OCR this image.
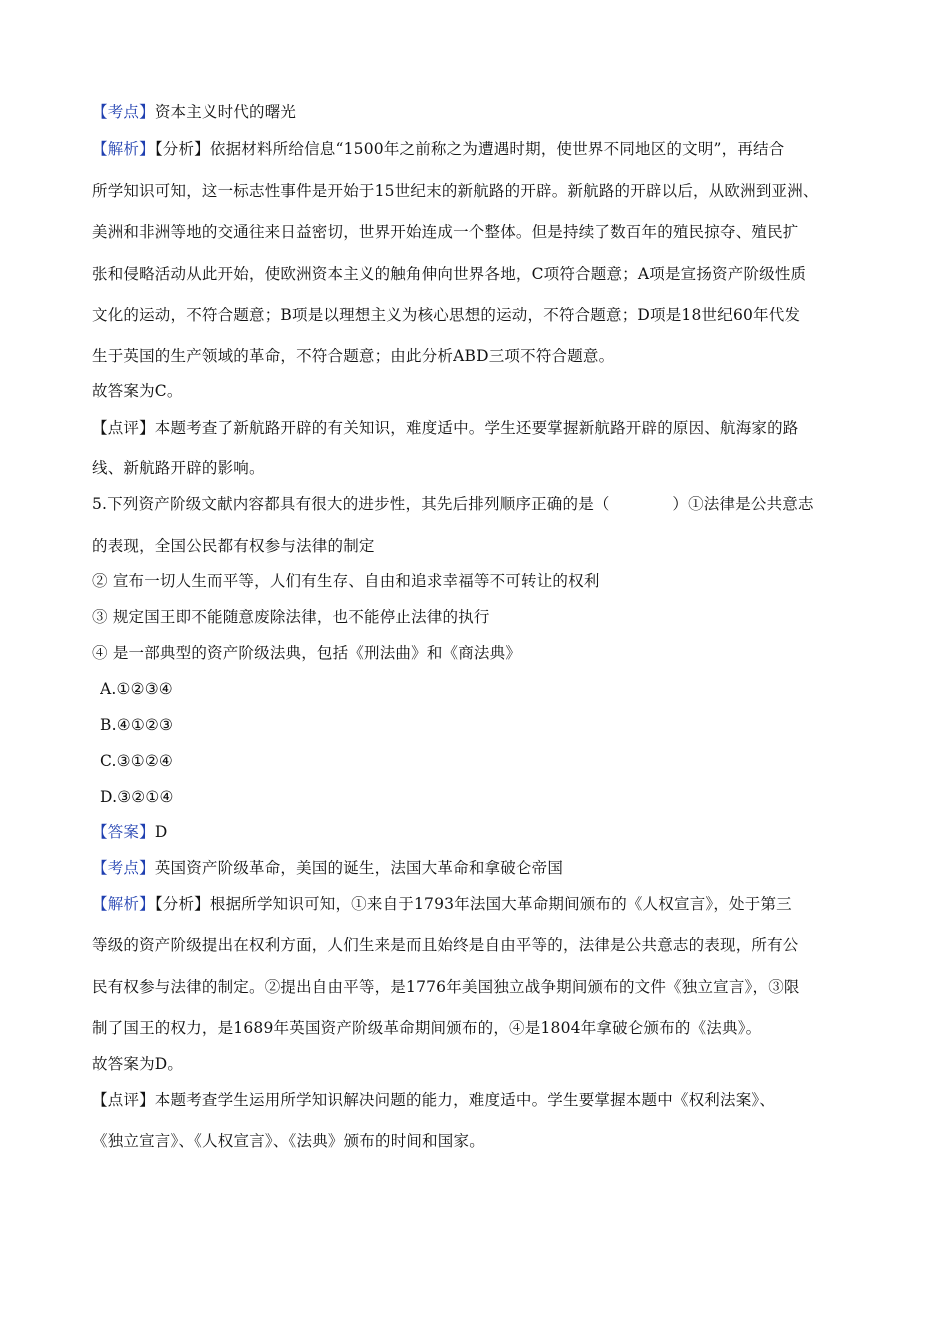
【考点】资本主义时代的曙光
【解析】【分析】依据材料所给信息“1500年之前称之为遭遇时期，使世界不同地区的文明”，再结合
所学知识可知，这一标志性事件是开始于15世纪末的新航路的开辟。新航路的开辟以后，从欧洲到亚洲、
美洲和非洲等地的交通往来日益密切，世界开始连成一个整体。但是持续了数百年的殖民掠夺、殖民扩
张和侵略活动从此开始，使欧洲资本主义的触角伸向世界各地，C项符合题意；A项是宣扬资产阶级性质
文化的运动，不符合题意；B项是以理想主义为核心思想的运动，不符合题意；D项是18世纪60年代发
生于英国的生产领域的革命，不符合题意；由此分析ABD三项不符合题意。
故答案为C。
【点评】本题考查了新航路开辟的有关知识，难度适中。学生还要掌握新航路开辟的原因、航海家的路
线、新航路开辟的影响。
5.下列资产阶级文献内容都具有很大的进步性，其先后排列顺序正确的是（　　　　）①法律是公共意志
的表现，全国公民都有权参与法律的制定
② 宣布一切人生而平等，人们有生存、自由和追求幸福等不可转让的权利
③ 规定国王即不能随意废除法律，也不能停止法律的执行
④ 是一部典型的资产阶级法典，包括《刑法曲》和《商法典》
A.①②③④
B.④①②③
C.③①②④
D.③②①④
【答案】D
【考点】英国资产阶级革命，美国的诞生，法国大革命和拿破仑帝国
【解析】【分析】根据所学知识可知，①来自于1793年法国大革命期间颁布的《人权宣言》，处于第三
等级的资产阶级提出在权利方面，人们生来是而且始终是自由平等的，法律是公共意志的表现，所有公
民有权参与法律的制定。②提出自由平等，是1776年美国独立战争期间颁布的文件《独立宣言》，③限
制了国王的权力，是1689年英国资产阶级革命期间颁布的，④是1804年拿破仑颁布的《法典》。
故答案为D。
【点评】本题考查学生运用所学知识解决问题的能力，难度适中。学生要掌握本题中《权利法案》、
《独立宣言》、《人权宣言》、《法典》颁布的时间和国家。
